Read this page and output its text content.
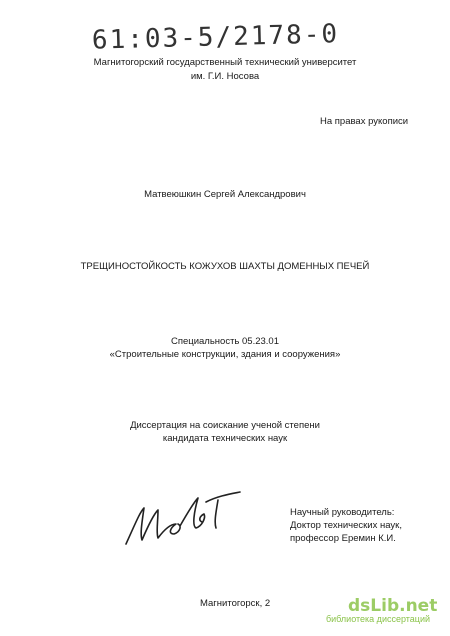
61:03-5/2178-0
Магнитогорский государственный технический университет
им. Г.И. Носова
На правах рукописи
Матвеюшкин Сергей Александрович
ТРЕЩИНОСТОЙКОСТЬ КОЖУХОВ ШАХТЫ ДОМЕННЫХ ПЕЧЕЙ
Специальность 05.23.01
«Строительные конструкции, здания и сооружения»
Диссертация на соискание ученой степени
кандидата технических наук
Научный руководитель:
Доктор технических наук,
профессор Еремин К.И.
Магнитогорск, 2	dsLib.net
библиотека диссертаций
